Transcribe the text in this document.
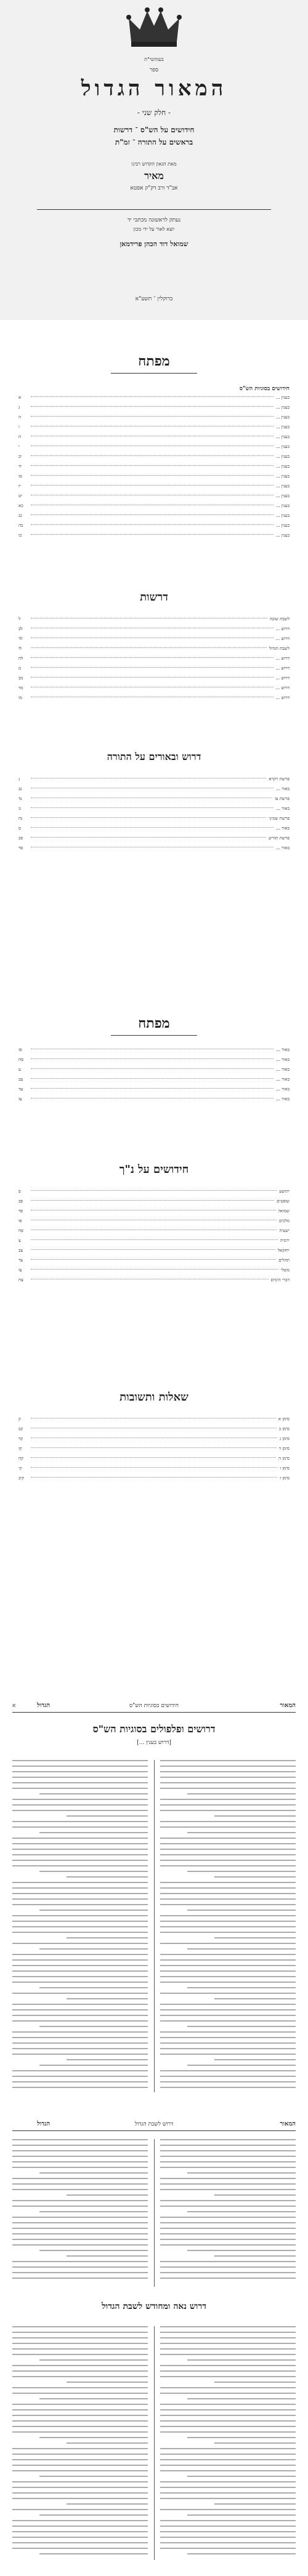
בעזהשי"ת
ספר
המאור הגדול
- חלק שני -
חידושים על הש"ס ־ דרשות
בראשים על התורה ־ זמ"ת
מאת הגאון הקדוש רבינו
מאיר
אב"ד ורב דק"ק אפטא
נעתק לראשונה מכתבי יד
יוצא לאור על ידי מכון
שמואל דוד הכהן פרידמאן
ברוקלין ־ תשע"א
מפתח
חידושים בסוגיות הש"ס
א	בענין ...
ג	בענין ...
ה	בענין ...
ו	בענין ...
ח	בענין ...
י	בענין ...
יב	בענין ...
יד	בענין ...
טו	בענין ...
יז	בענין ...
יט	בענין ...
כא	בענין ...
כג	בענין ...
כה	בענין ...
כז	בענין ...
דרשות
ל	לשבת שובה
לב	דרוש ...
לד	דרוש ...
לו	לשבת הגדול
לח	דרוש ...
מ	דרוש ...
מב	דרוש ...
מד	דרוש ...
מו	דרוש ...
דרוש ובאורים על התורה
נ	פרשת ויקרא
נב	באור ...
נד	פרשת צו
נו	באור ...
נח	פרשת שמיני
ס	באור ...
סב	פרשת תזריע
סד	באור ...
מפתח
סו	באור ...
סח	באור ...
ע	באור ...
עב	באור ...
עד	באור ...
עו	באור ...
חידושים על נ"ך
פ	יהושע
פב	שופטים
פד	שמואל
פו	מלכים
פח	ישעיה
צ	ירמיה
צב	יחזקאל
צד	תהלים
צו	משלי
צח	דברי הימים
שאלות ותשובות
ק	סימן א
קב	סימן ב
קד	סימן ג
קו	סימן ד
קח	סימן ה
קי	סימן ו
קיב	סימן ז
המאור
חידושים בסוגיות הש"ס
הגדול
א
דרושים ופלפולים בסוגיות הש"ס
[דרוש בענין ...]
המאור
דרוש לשבת הגדול
הגדול
דרוש נאה ומחודש לשבת הגדול
